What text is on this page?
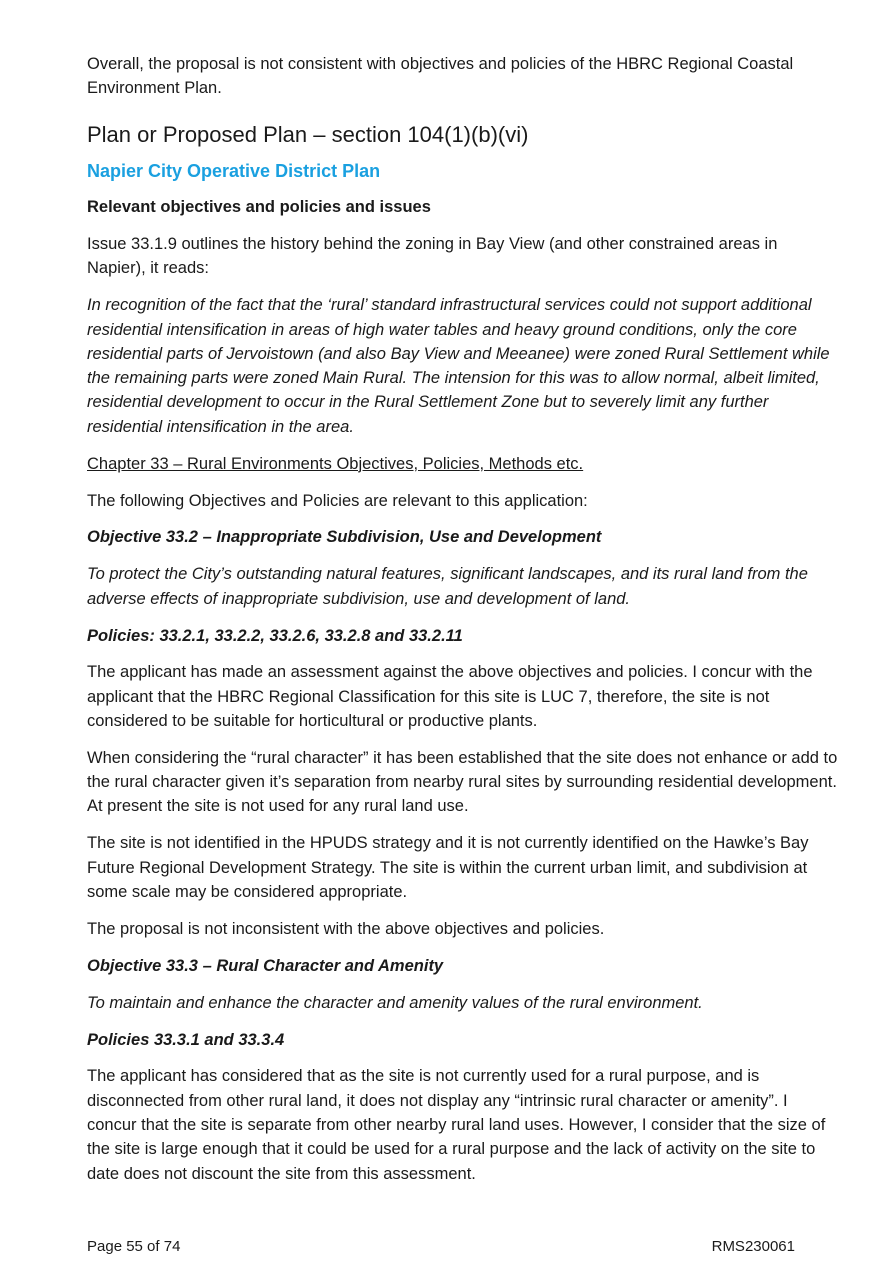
Overall, the proposal is not consistent with objectives and policies of the HBRC Regional Coastal Environment Plan.

Plan or Proposed Plan – section 104(1)(b)(vi)
Napier City Operative District Plan

Relevant objectives and policies and issues

Issue 33.1.9 outlines the history behind the zoning in Bay View (and other constrained areas in Napier), it reads:

In recognition of the fact that the ‘rural’ standard infrastructural services could not support additional residential intensification in areas of high water tables and heavy ground conditions, only the core residential parts of Jervoistown (and also Bay View and Meeanee) were zoned Rural Settlement while the remaining parts were zoned Main Rural. The intension for this was to allow normal, albeit limited, residential development to occur in the Rural Settlement Zone but to severely limit any further residential intensification in the area.

Chapter 33 – Rural Environments Objectives, Policies, Methods etc.

The following Objectives and Policies are relevant to this application:

Objective 33.2 – Inappropriate Subdivision, Use and Development

To protect the City’s outstanding natural features, significant landscapes, and its rural land from the adverse effects of inappropriate subdivision, use and development of land.

Policies: 33.2.1, 33.2.2, 33.2.6, 33.2.8 and 33.2.11

The applicant has made an assessment against the above objectives and policies. I concur with the applicant that the HBRC Regional Classification for this site is LUC 7, therefore, the site is not considered to be suitable for horticultural or productive plants.

When considering the “rural character” it has been established that the site does not enhance or add to the rural character given it’s separation from nearby rural sites by surrounding residential development. At present the site is not used for any rural land use.

The site is not identified in the HPUDS strategy and it is not currently identified on the Hawke’s Bay Future Regional Development Strategy. The site is within the current urban limit, and subdivision at some scale may be considered appropriate.

The proposal is not inconsistent with the above objectives and policies.

Objective 33.3 – Rural Character and Amenity

To maintain and enhance the character and amenity values of the rural environment.

Policies 33.3.1 and 33.3.4

The applicant has considered that as the site is not currently used for a rural purpose, and is disconnected from other rural land, it does not display any “intrinsic rural character or amenity”. I concur that the site is separate from other nearby rural land uses. However, I consider that the size of the site is large enough that it could be used for a rural purpose and the lack of activity on the site to date does not discount the site from this assessment.

Page 55 of 74	RMS230061
